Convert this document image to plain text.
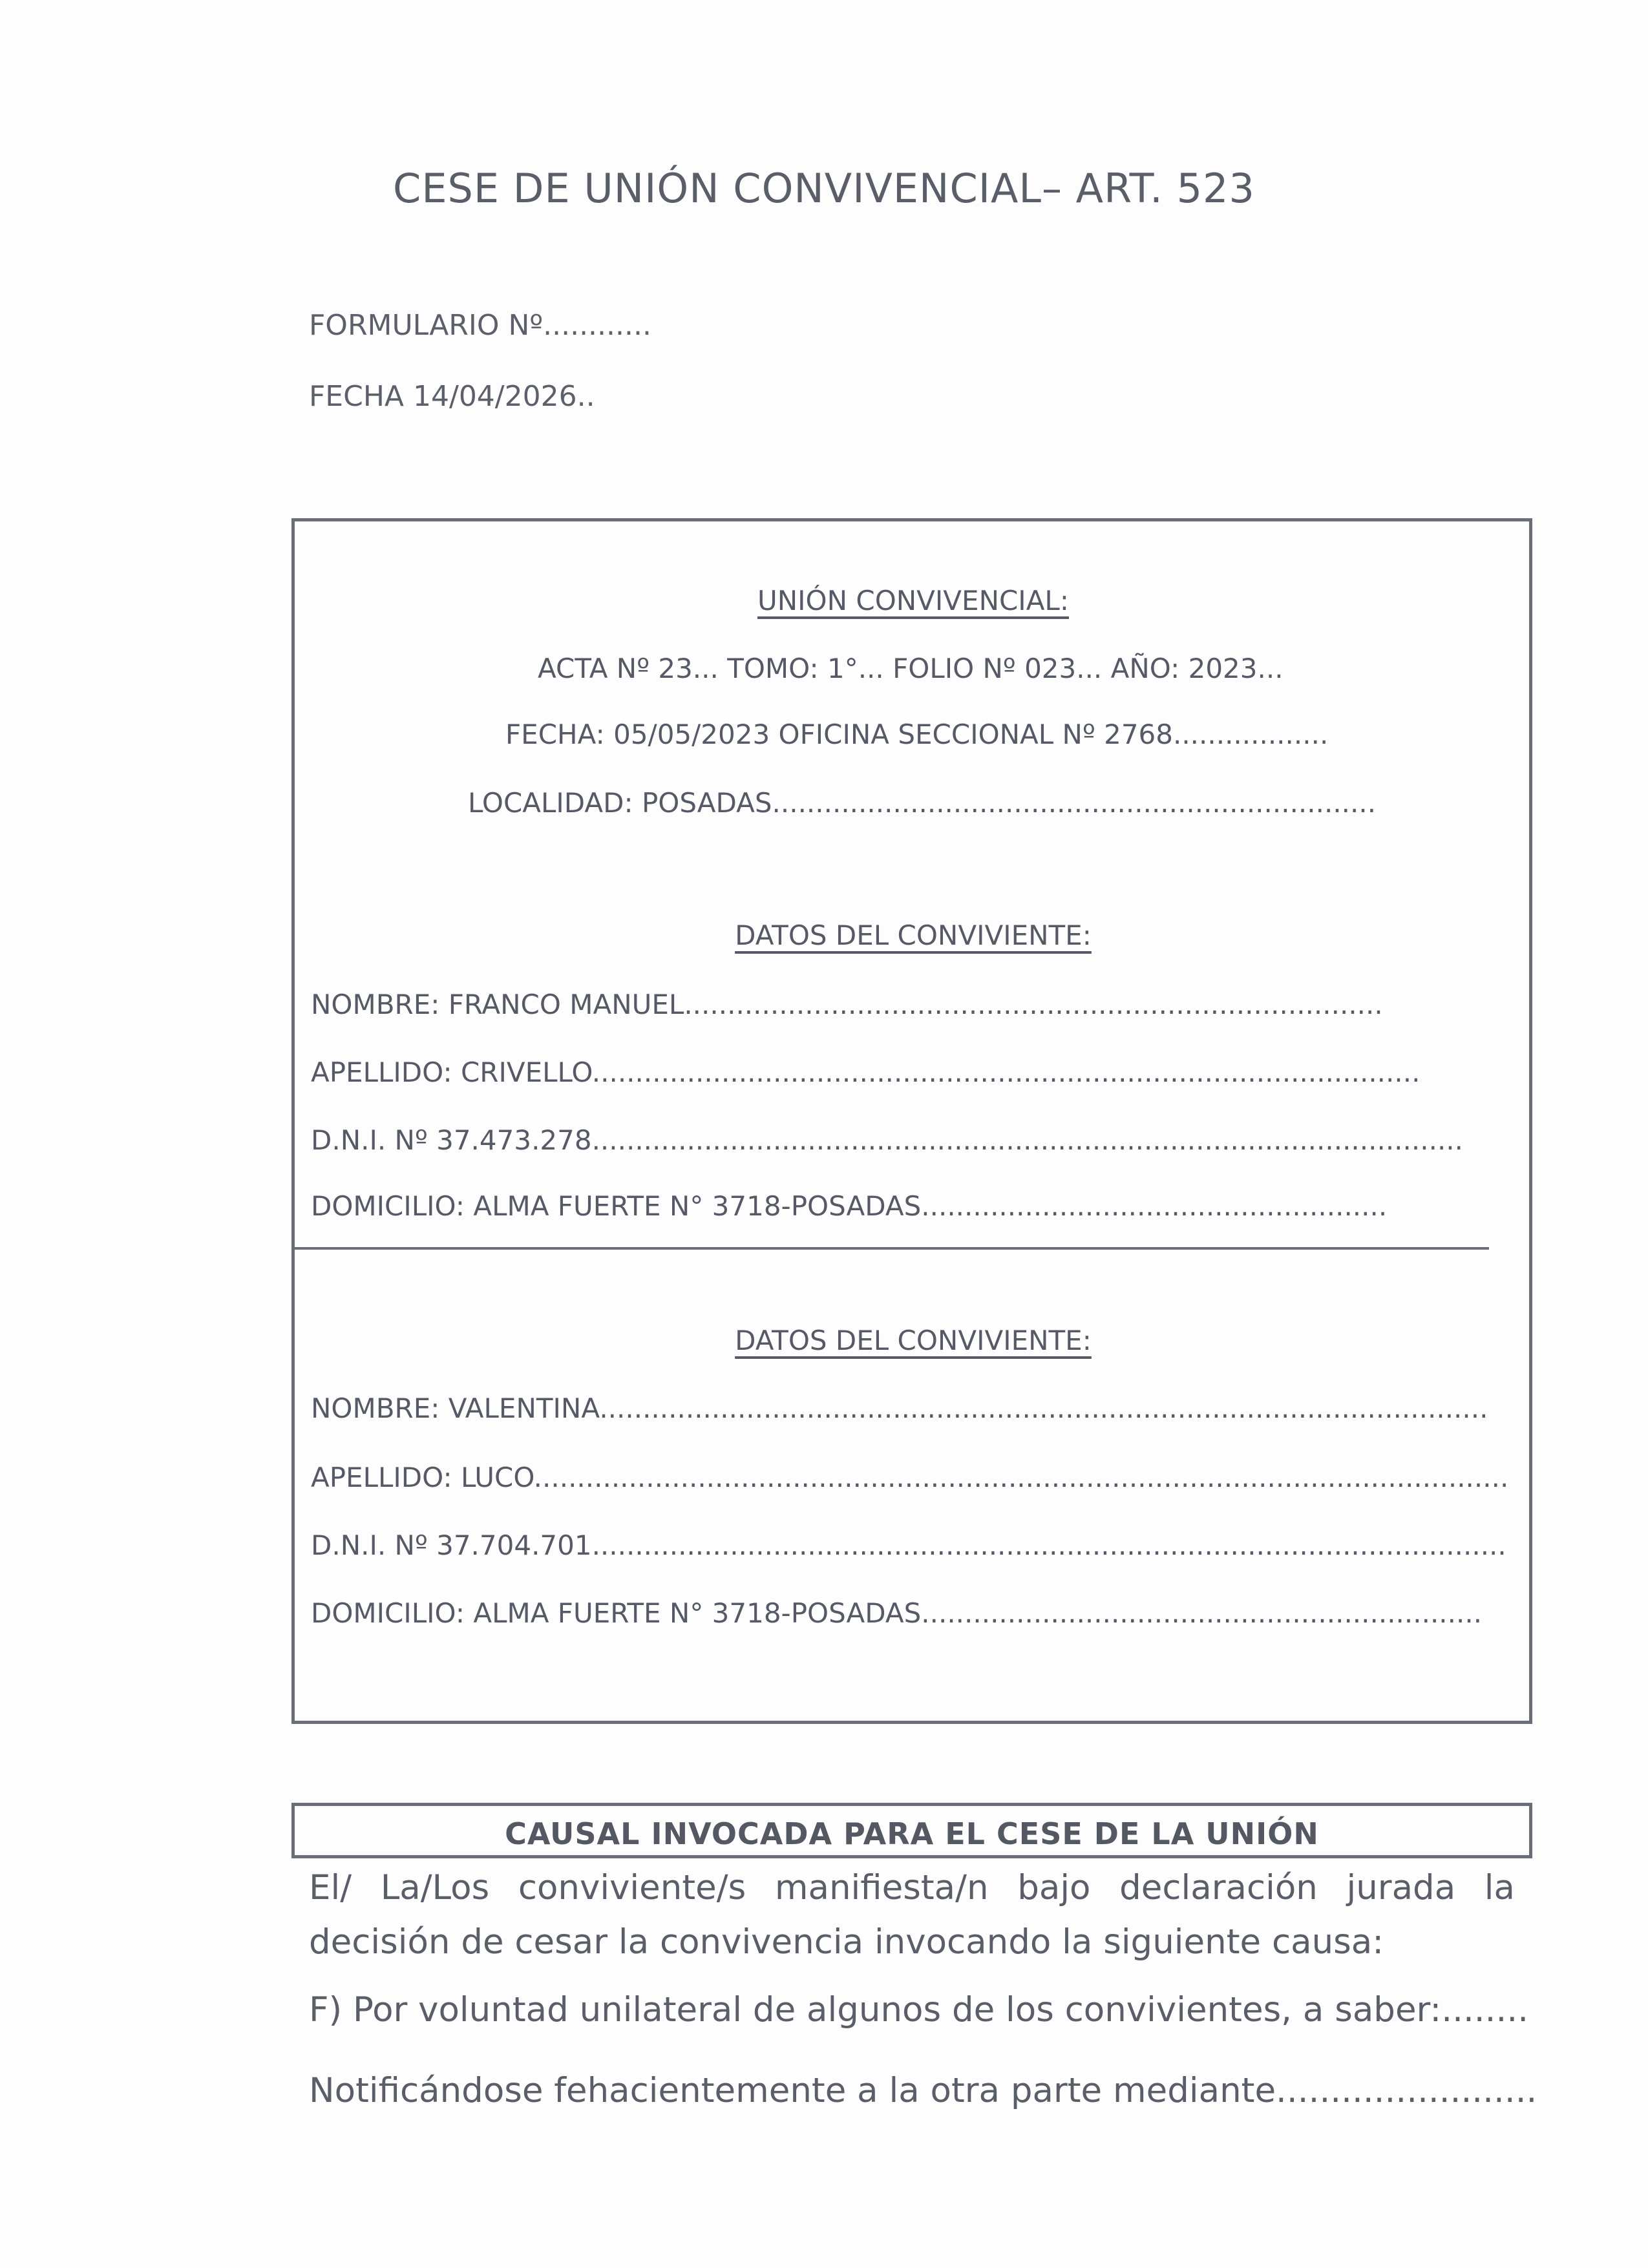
CESE DE UNIÓN CONVIVENCIAL– ART. 523
FORMULARIO Nº............
FECHA 14/04/2026..
UNIÓN CONVIVENCIAL:
ACTA Nº 23... TOMO: 1°... FOLIO Nº 023... AÑO: 2023...
FECHA: 05/05/2023 OFICINA SECCIONAL Nº 2768..................
LOCALIDAD: POSADAS......................................................................
DATOS DEL CONVIVIENTE:
NOMBRE: FRANCO MANUEL.................................................................................
APELLIDO: CRIVELLO................................................................................................
D.N.I. Nº 37.473.278.....................................................................................................
DOMICILIO: ALMA FUERTE N° 3718-POSADAS......................................................
DATOS DEL CONVIVIENTE:
NOMBRE: VALENTINA.......................................................................................................
APELLIDO: LUCO.................................................................................................................
D.N.I. Nº 37.704.701..........................................................................................................
DOMICILIO: ALMA FUERTE N° 3718-POSADAS.................................................................
CAUSAL INVOCADA PARA EL CESE DE LA UNIÓN
El/ La/Los conviviente/s manifiesta/n bajo declaración jurada la decisión de cesar la convivencia invocando la siguiente causa:
F) Por voluntad unilateral de algunos de los convivientes, a saber:........
Notificándose fehacientemente a la otra parte mediante........................
